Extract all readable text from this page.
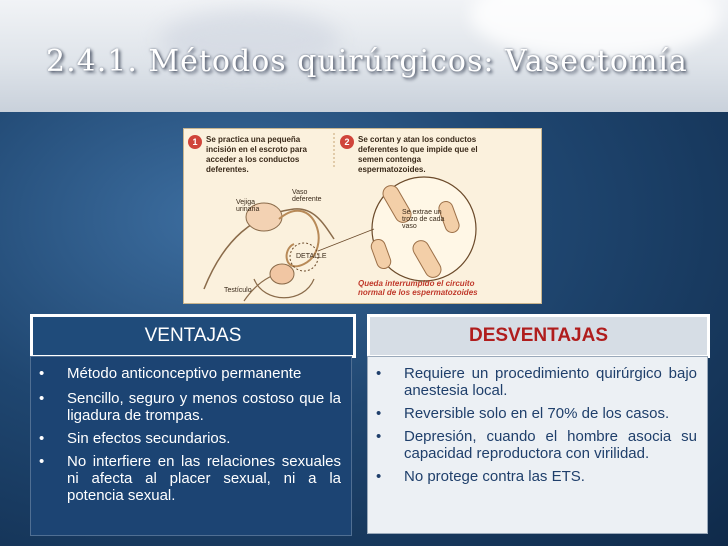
2.4.1. Métodos quirúrgicos: Vasectomía
1	Se practica una pequeña incisión en el escroto para acceder a los conductos deferentes.
2	Se cortan y atan los conductos deferentes lo que impide que el semen contenga espermatozoides.
Vejiga urinaria
Vaso deferente
DETALLE
Testículo
Se extrae un trozo de cada vaso
Queda interrumpido el circuito normal de los espermatozoides
VENTAJAS	DESVENTAJAS
• Método anticonceptivo permanente
• Sencillo, seguro y menos costoso que la ligadura de trompas.
• Sin efectos secundarios.
• No interfiere en las relaciones sexuales ni afecta al placer sexual, ni a la potencia sexual.
• Requiere un procedimiento quirúrgico bajo anestesia local.
• Reversible solo en el 70% de los casos.
• Depresión, cuando el hombre asocia su capacidad reproductora con virilidad.
• No protege contra las ETS.
